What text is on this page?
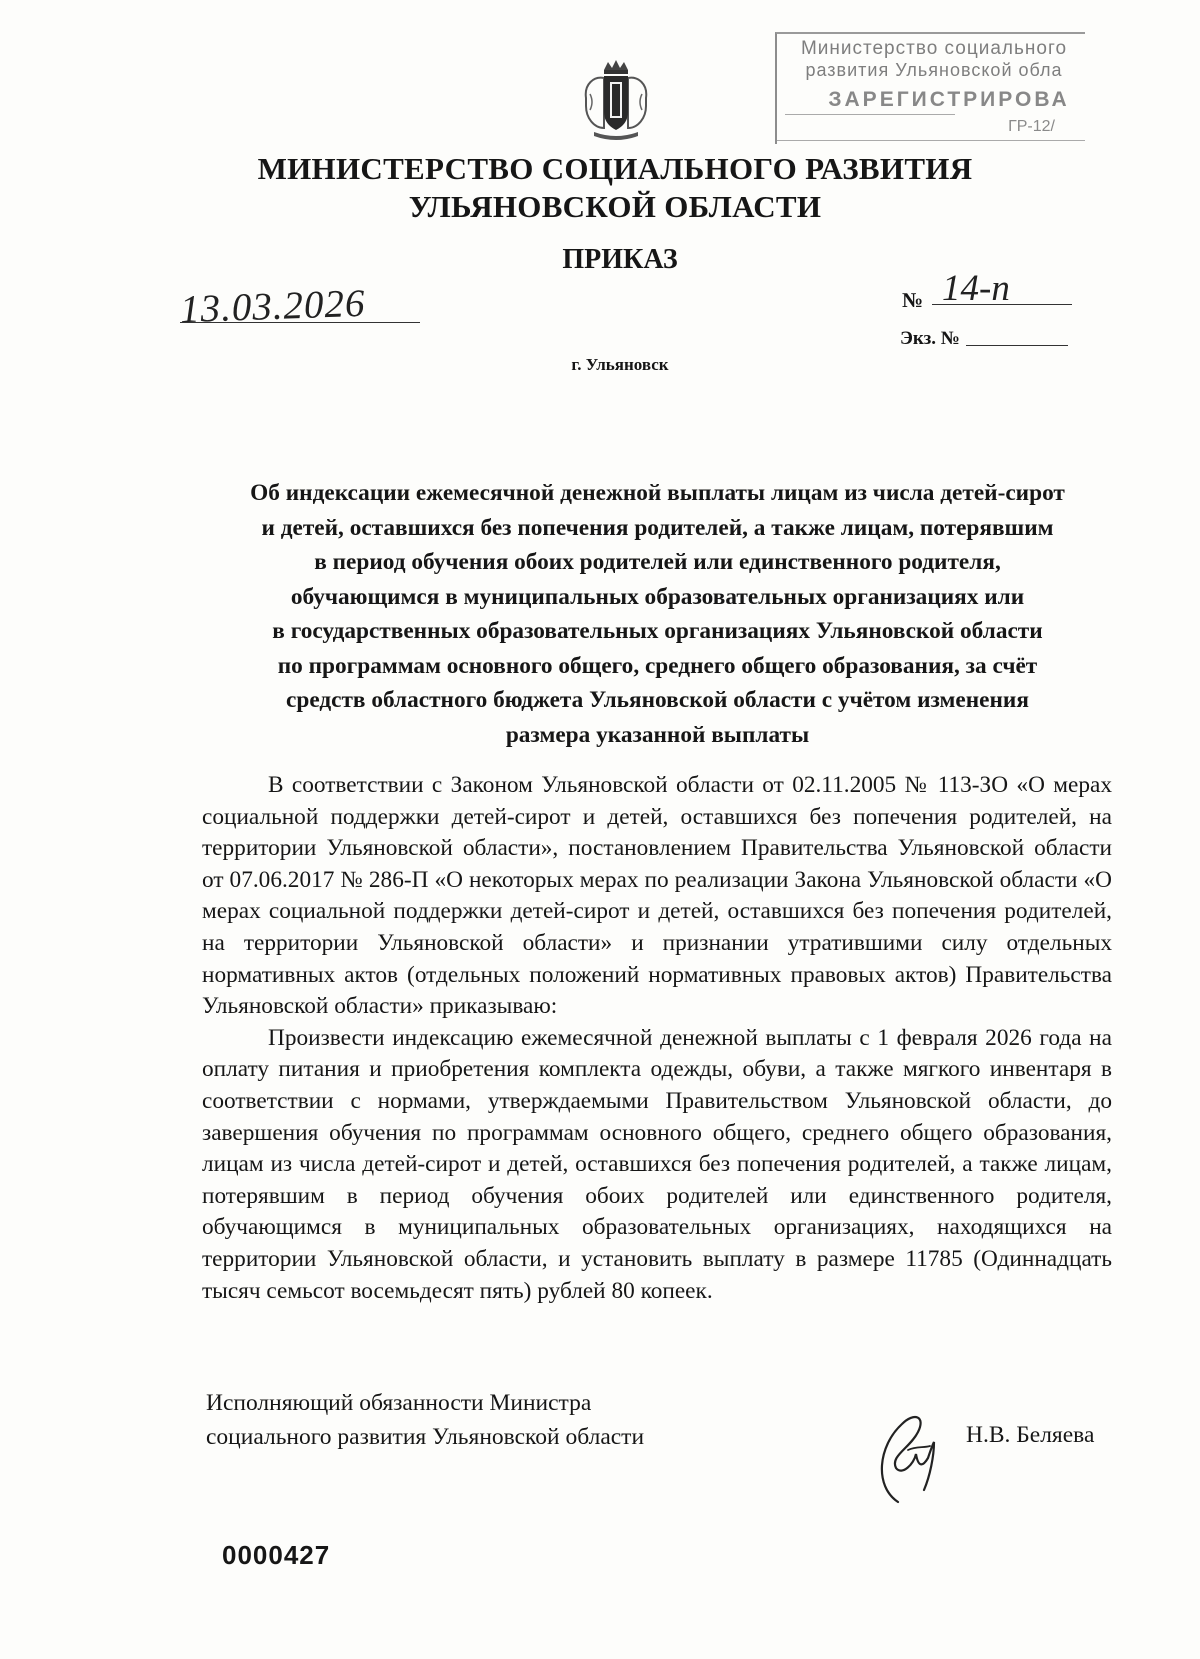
Министерство социального
развития Ульяновской обла
ЗАРЕГИСТРИРОВА
ГР-12/
МИНИСТЕРСТВО СОЦИАЛЬНОГО РАЗВИТИЯ
УЛЬЯНОВСКОЙ ОБЛАСТИ
ПРИКАЗ
13.03.2026	№ 14-п
Экз. №
г. Ульяновск
Об индексации ежемесячной денежной выплаты лицам из числа детей-сирот
и детей, оставшихся без попечения родителей, а также лицам, потерявшим
в период обучения обоих родителей или единственного родителя,
обучающимся в муниципальных образовательных организациях или
в государственных образовательных организациях Ульяновской области
по программам основного общего, среднего общего образования, за счёт
средств областного бюджета Ульяновской области с учётом изменения
размера указанной выплаты

В соответствии с Законом Ульяновской области от 02.11.2005 № 113-ЗО «О мерах социальной поддержки детей-сирот и детей, оставшихся без попечения родителей, на территории Ульяновской области», постановлением Правительства Ульяновской области от 07.06.2017 № 286-П «О некоторых мерах по реализации Закона Ульяновской области «О мерах социальной поддержки детей-сирот и детей, оставшихся без попечения родителей, на территории Ульяновской области» и признании утратившими силу отдельных нормативных актов (отдельных положений нормативных правовых актов) Правительства Ульяновской области» приказываю:

Произвести индексацию ежемесячной денежной выплаты с 1 февраля 2026 года на оплату питания и приобретения комплекта одежды, обуви, а также мягкого инвентаря в соответствии с нормами, утверждаемыми Правительством Ульяновской области, до завершения обучения по программам основного общего, среднего общего образования, лицам из числа детей-сирот и детей, оставшихся без попечения родителей, а также лицам, потерявшим в период обучения обоих родителей или единственного родителя, обучающимся в муниципальных образовательных организациях, находящихся на территории Ульяновской области, и установить выплату в размере 11785 (Одиннадцать тысяч семьсот восемьдесят пять) рублей 80 копеек.

Исполняющий обязанности Министра
социального развития Ульяновской области	Н.В. Беляева
0000427
